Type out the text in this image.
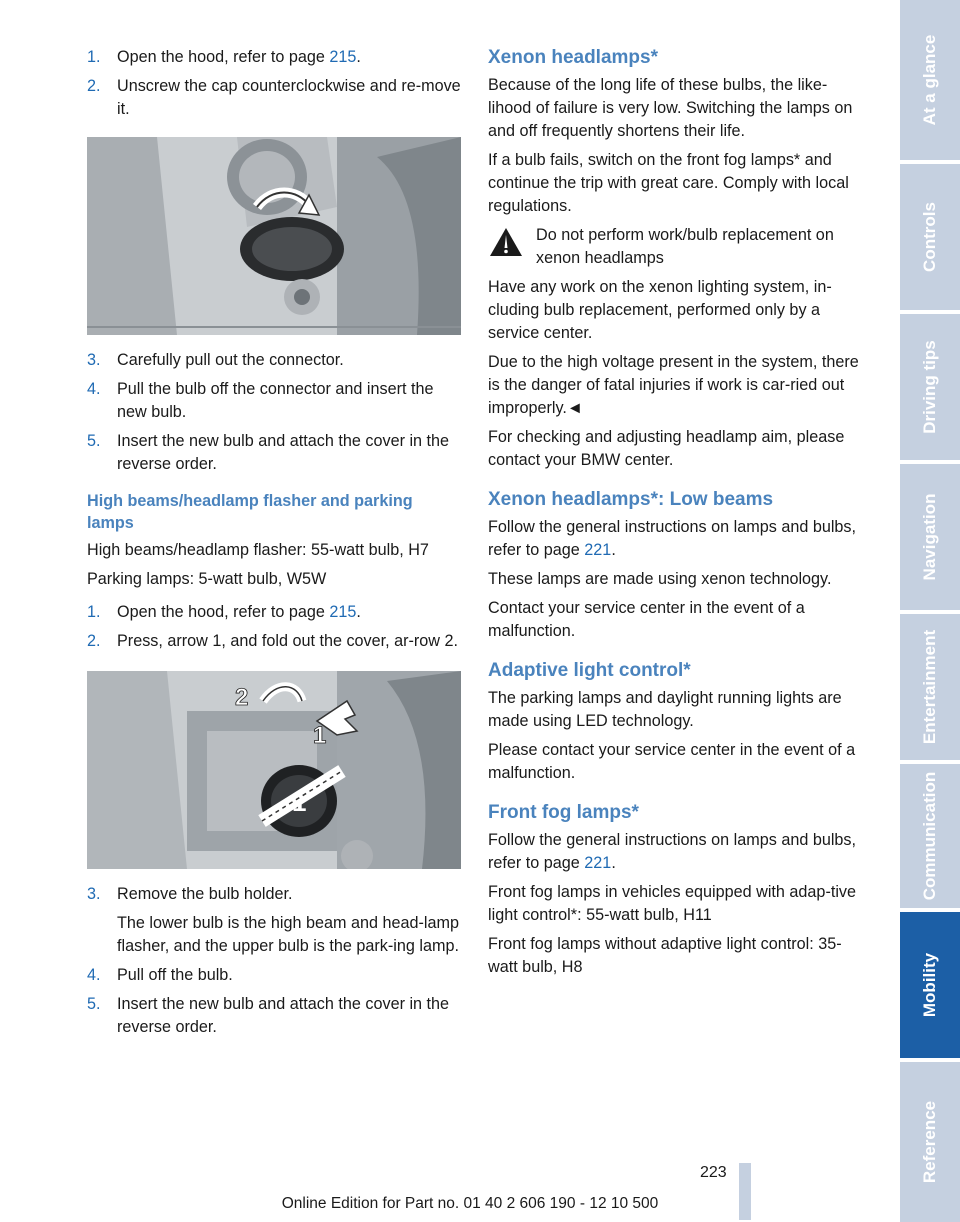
1.	Open the hood, refer to page 215.
2.	Unscrew the cap counterclockwise and re-move it.
3.	Carefully pull out the connector.
4.	Pull the bulb off the connector and insert the new bulb.
5.	Insert the new bulb and attach the cover in the reverse order.
High beams/headlamp flasher and parking lamps
High beams/headlamp flasher: 55-watt bulb, H7
Parking lamps: 5-watt bulb, W5W
1.	Open the hood, refer to page 215.
2.	Press, arrow 1, and fold out the cover, ar-row 2.
1
2
3.	Remove the bulb holder.
The lower bulb is the high beam and head-lamp flasher, and the upper bulb is the park-ing lamp.
4.	Pull off the bulb.
5.	Insert the new bulb and attach the cover in the reverse order.
Xenon headlamps*
Because of the long life of these bulbs, the like-lihood of failure is very low. Switching the lamps on and off frequently shortens their life.
If a bulb fails, switch on the front fog lamps* and continue the trip with great care. Comply with local regulations.
Do not perform work/bulb replacement on xenon headlamps
Have any work on the xenon lighting system, in-cluding bulb replacement, performed only by a service center.
Due to the high voltage present in the system, there is the danger of fatal injuries if work is car-ried out improperly.◄
For checking and adjusting headlamp aim, please contact your BMW center.
Xenon headlamps*: Low beams
Follow the general instructions on lamps and bulbs, refer to page 221.
These lamps are made using xenon technology.
Contact your service center in the event of a malfunction.
Adaptive light control*
The parking lamps and daylight running lights are made using LED technology.
Please contact your service center in the event of a malfunction.
Front fog lamps*
Follow the general instructions on lamps and bulbs, refer to page 221.
Front fog lamps in vehicles equipped with adap-tive light control*: 55-watt bulb, H11
Front fog lamps without adaptive light control: 35-watt bulb, H8
At a glance
Controls
Driving tips
Navigation
Entertainment
Communication
Mobility
Reference
223
Online Edition for Part no. 01 40 2 606 190 - 12 10 500
